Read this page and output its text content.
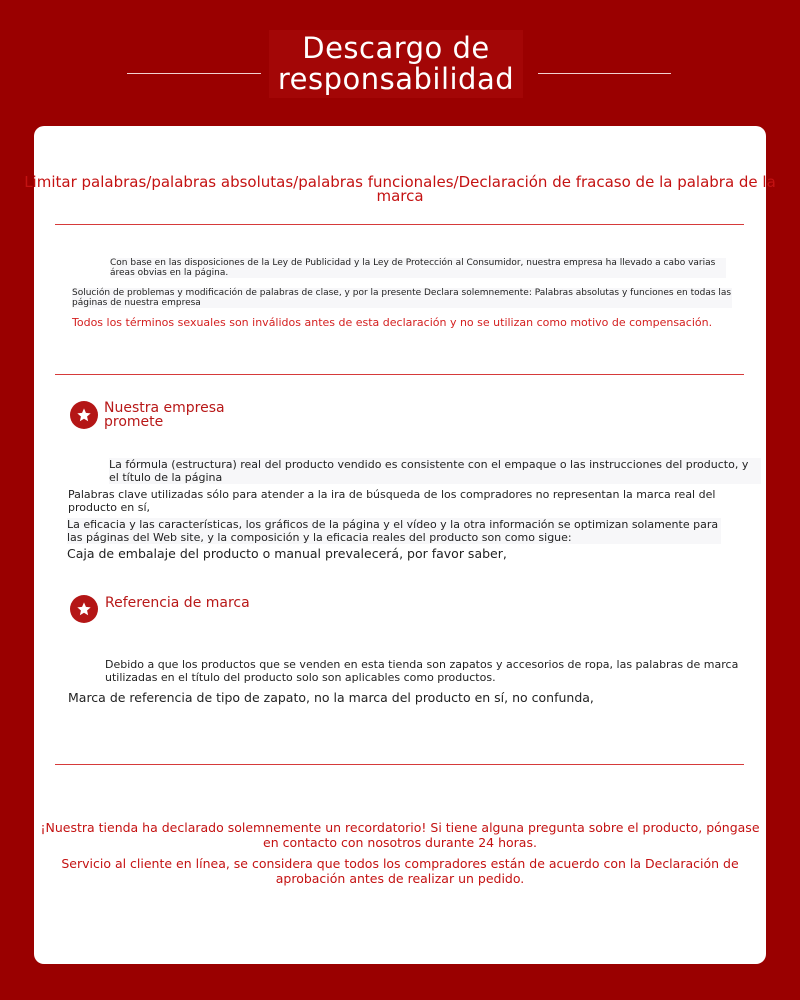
Descargo de
responsabilidad
Limitar palabras/palabras absolutas/palabras funcionales/Declaración de fracaso de la palabra de la
marca
Con base en las disposiciones de la Ley de Publicidad y la Ley de Protección al Consumidor, nuestra empresa ha llevado a cabo varias áreas obvias en la página.
Solución de problemas y modificación de palabras de clase, y por la presente Declara solemnemente: Palabras absolutas y funciones en todas las páginas de nuestra empresa
Todos los términos sexuales son inválidos antes de esta declaración y no se utilizan como motivo de compensación.
Nuestra empresa
promete
La fórmula (estructura) real del producto vendido es consistente con el empaque o las instrucciones del producto, y el título de la página
Palabras clave utilizadas sólo para atender a la ira de búsqueda de los compradores no representan la marca real del producto en sí,
La eficacia y las características, los gráficos de la página y el vídeo y la otra información se optimizan solamente para las páginas del Web site, y la composición y la eficacia reales del producto son como sigue:
Caja de embalaje del producto o manual prevalecerá, por favor saber,
Referencia de marca
Debido a que los productos que se venden en esta tienda son zapatos y accesorios de ropa, las palabras de marca utilizadas en el título del producto solo son aplicables como productos.
Marca de referencia de tipo de zapato, no la marca del producto en sí, no confunda,
¡Nuestra tienda ha declarado solemnemente un recordatorio! Si tiene alguna pregunta sobre el producto, póngase en contacto con nosotros durante 24 horas.
Servicio al cliente en línea, se considera que todos los compradores están de acuerdo con la Declaración de aprobación antes de realizar un pedido.
